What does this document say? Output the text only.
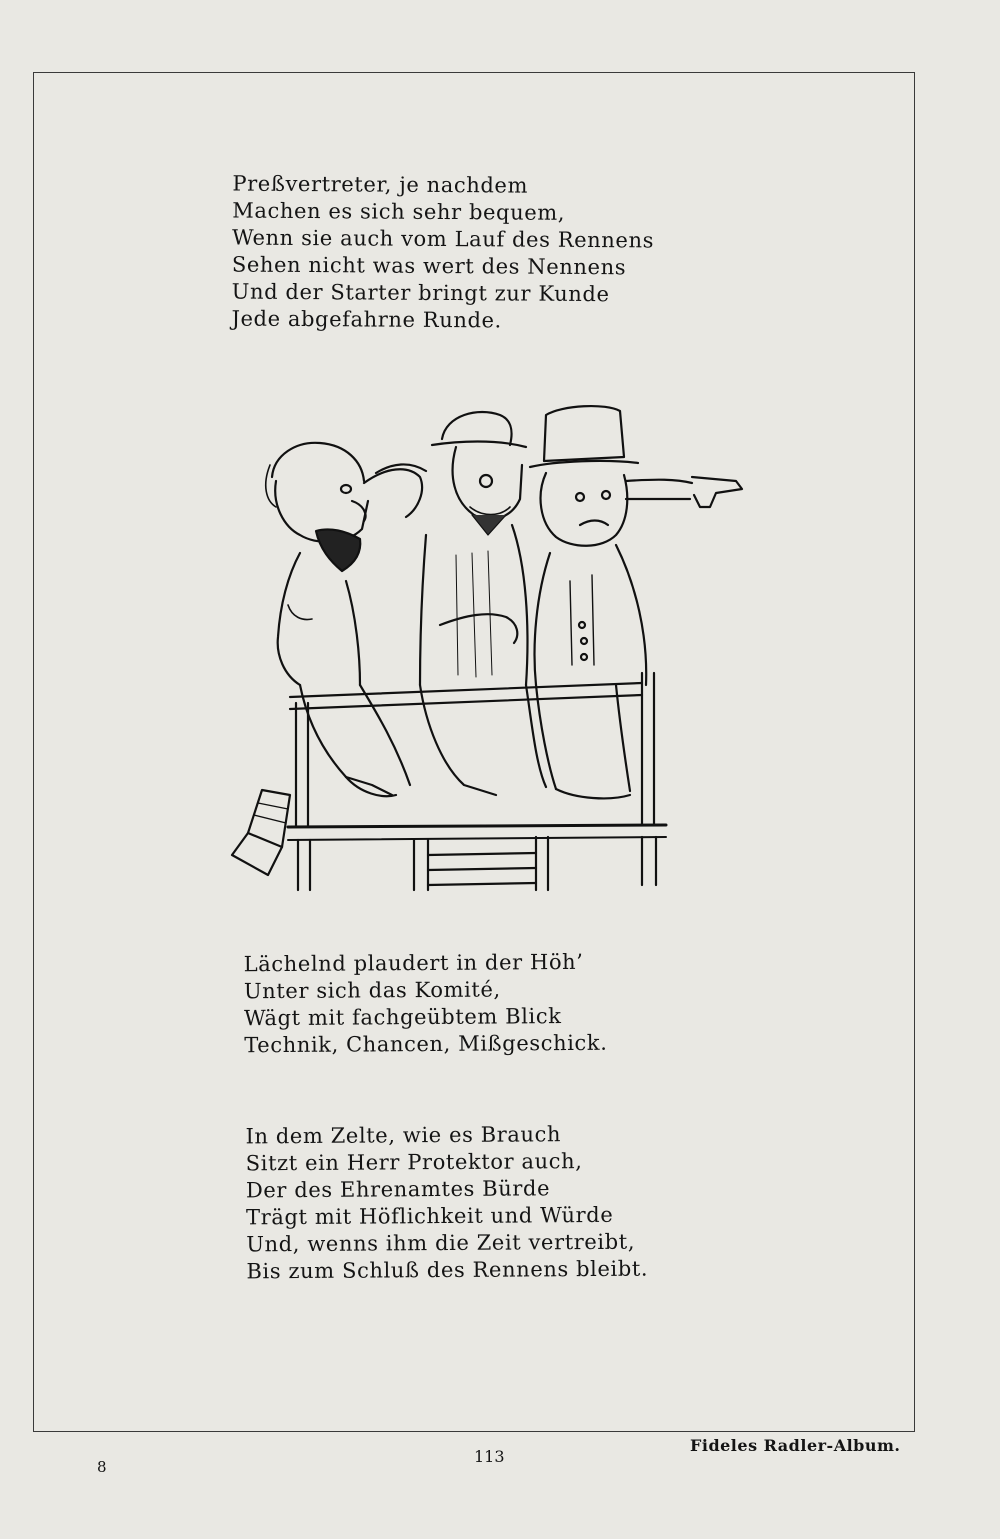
Preßvertreter, je nachdem
Machen es sich sehr bequem,
Wenn sie auch vom Lauf des Rennens
Sehen nicht was wert des Nennens
Und der Starter bringt zur Kunde
Jede abgefahrne Runde.
Lächelnd plaudert in der Höh’
Unter sich das Komité,
Wägt mit fachgeübtem Blick
Technik, Chancen, Mißgeschick.
In dem Zelte, wie es Brauch
Sitzt ein Herr Protektor auch,
Der des Ehrenamtes Bürde
Trägt mit Höflichkeit und Würde
Und, wenns ihm die Zeit vertreibt,
Bis zum Schluß des Rennens bleibt.
8
113
Fideles Radler-Album.
